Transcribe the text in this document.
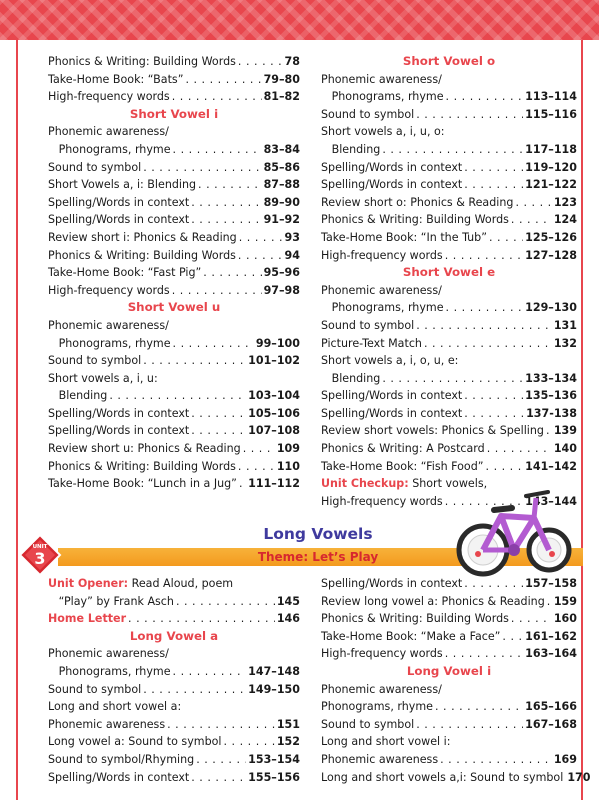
Phonics & Writing: Building Words . . .	78
Take-Home Book: “Bats” . . .	79–80
High-frequency words . . .	81–82
Short Vowel i
Phonemic awareness/
Phonograms, rhyme . . .	83–84
Sound to symbol . . .	85–86
Short Vowels a, i: Blending . . .	87–88
Spelling/Words in context . . .	89–90
Spelling/Words in context . . .	91–92
Review short i: Phonics & Reading . . .	93
Phonics & Writing: Building Words . . .	94
Take-Home Book: “Fast Pig” . . .	95–96
High-frequency words . . .	97–98
Short Vowel u
Phonemic awareness/
Phonograms, rhyme . . .	99–100
Sound to symbol . . .	101–102
Short vowels a, i, u:
Blending . . .	103–104
Spelling/Words in context . . .	105–106
Spelling/Words in context . . .	107–108
Review short u: Phonics & Reading . . .	109
Phonics & Writing: Building Words . . .	110
Take-Home Book: “Lunch in a Jug” . . . 111–112
Short Vowel o
Phonemic awareness/
Phonograms, rhyme . . .	113–114
Sound to symbol . . .	115–116
Short vowels a, i, u, o:
Blending . . .	117–118
Spelling/Words in context . . .	119–120
Spelling/Words in context . . .	121–122
Review short o: Phonics & Reading . . .	123
Phonics & Writing: Building Words . . .	124
Take-Home Book: “In the Tub” . . .	125–126
High-frequency words . . .	127–128
Short Vowel e
Phonemic awareness/
Phonograms, rhyme . . .	129–130
Sound to symbol . . .	131
Picture-Text Match . . .	132
Short vowels a, i, o, u, e:
Blending . . .	133–134
Spelling/Words in context . . .	135–136
Spelling/Words in context . . .	137-138
Review short vowels: Phonics & Spelling . . . 139
Phonics & Writing: A Postcard . . .	140
Take-Home Book: “Fish Food” . . .	141–142
Unit Checkup: Short vowels,
High-frequency words . . .	143–144
UNIT
3
Long Vowels
Theme: Let’s Play
Unit Opener: Read Aloud, poem
“Play” by Frank Asch . . .	145
Home Letter . . .	146
Long Vowel a
Phonemic awareness/
Phonograms, rhyme . . .	147–148
Sound to symbol . . .	149–150
Long and short vowel a:
Phonemic awareness . . .	151
Long vowel a: Sound to symbol . . .	152
Sound to symbol/Rhyming . . .	153–154
Spelling/Words in context . . .	155–156
Spelling/Words in context . . .	157–158
Review long vowel a: Phonics & Reading . . . 159
Phonics & Writing: Building Words . . .	160
Take-Home Book: “Make a Face” . . . 161–162
High-frequency words . . .	163–164
Long Vowel i
Phonemic awareness/
Phonograms, rhyme . . .	165–166
Sound to symbol . . .	167–168
Long and short vowel i:
Phonemic awareness . . .	169
Long and short vowels a,i: Sound to symbol 170
